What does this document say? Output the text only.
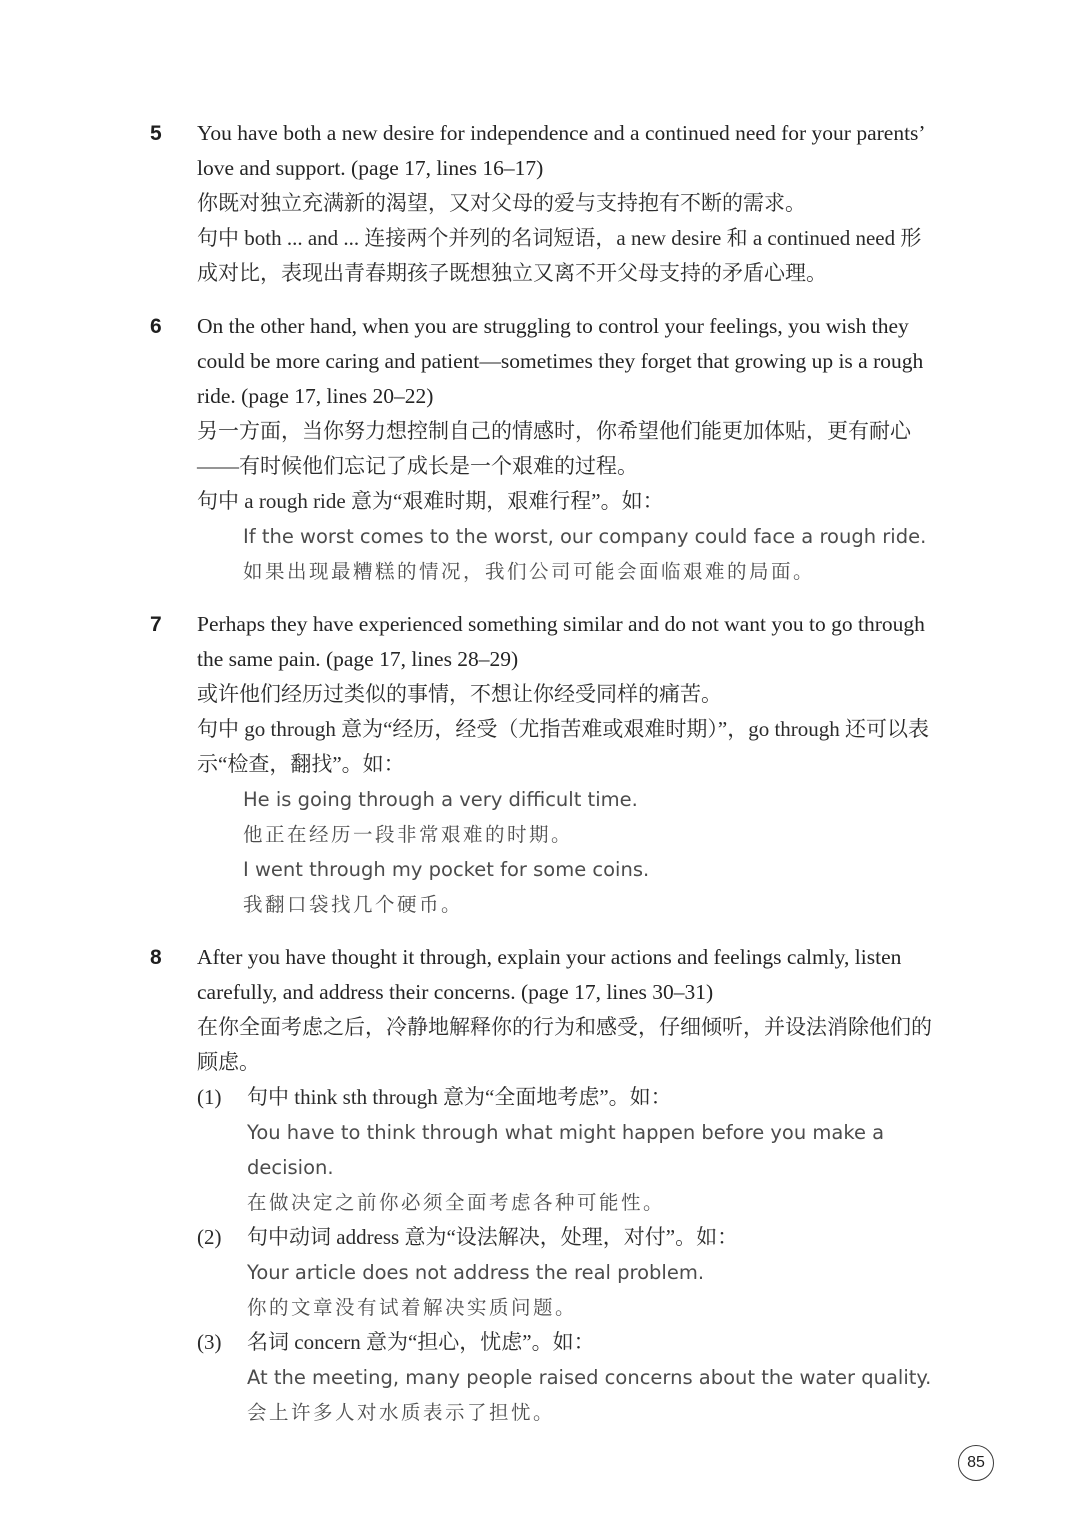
5	You have both a new desire for independence and a continued need for your parents’ love and support. (page 17, lines 16–17)

你既对独立充满新的渴望，又对父母的爱与支持抱有不断的需求。

句中 both ... and ... 连接两个并列的名词短语，a new desire 和 a continued need 形成对比，表现出青春期孩子既想独立又离不开父母支持的矛盾心理。

6	On the other hand, when you are struggling to control your feelings, you wish they could be more caring and patient—sometimes they forget that growing up is a rough ride. (page 17, lines 20–22)

另一方面，当你努力想控制自己的情感时，你希望他们能更加体贴，更有耐心——有时候他们忘记了成长是一个艰难的过程。

句中 a rough ride 意为“艰难时期，艰难行程”。如：

If the worst comes to the worst, our company could face a rough ride.

如果出现最糟糕的情况，我们公司可能会面临艰难的局面。

7	Perhaps they have experienced something similar and do not want you to go through the same pain. (page 17, lines 28–29)

或许他们经历过类似的事情，不想让你经受同样的痛苦。

句中 go through 意为“经历，经受（尤指苦难或艰难时期）”，go through 还可以表示“检查，翻找”。如：

He is going through a very difficult time.

他正在经历一段非常艰难的时期。

I went through my pocket for some coins.

我翻口袋找几个硬币。

8	After you have thought it through, explain your actions and feelings calmly, listen carefully, and address their concerns. (page 17, lines 30–31)

在你全面考虑之后，冷静地解释你的行为和感受，仔细倾听，并设法消除他们的顾虑。

(1)	句中 think sth through 意为“全面地考虑”。如：

You have to think through what might happen before you make a decision.

在做决定之前你必须全面考虑各种可能性。

(2)	句中动词 address 意为“设法解决，处理，对付”。如：

Your article does not address the real problem.

你的文章没有试着解决实质问题。

(3)	名词 concern 意为“担心，忧虑”。如：

At the meeting, many people raised concerns about the water quality.

会上许多人对水质表示了担忧。

85
